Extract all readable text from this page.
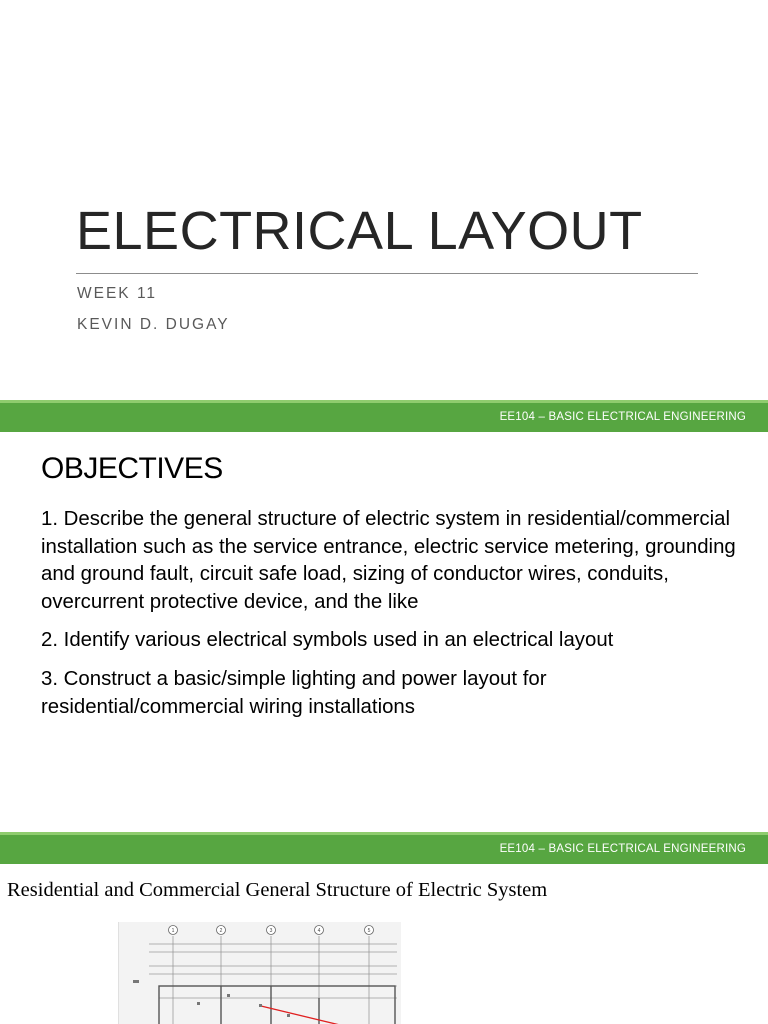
ELECTRICAL LAYOUT
WEEK 11
KEVIN D. DUGAY
EE104 – BASIC ELECTRICAL ENGINEERING
OBJECTIVES
1. Describe the general structure of electric system in residential/commercial installation such as the service entrance, electric service metering, grounding and ground fault, circuit safe load, sizing of conductor wires, conduits, overcurrent protective device, and the like
2. Identify various electrical symbols used in an electrical layout
3. Construct a basic/simple lighting and power layout for residential/commercial wiring installations
EE104 – BASIC ELECTRICAL ENGINEERING
Residential and Commercial General Structure of Electric System
1	2	3	4	5
